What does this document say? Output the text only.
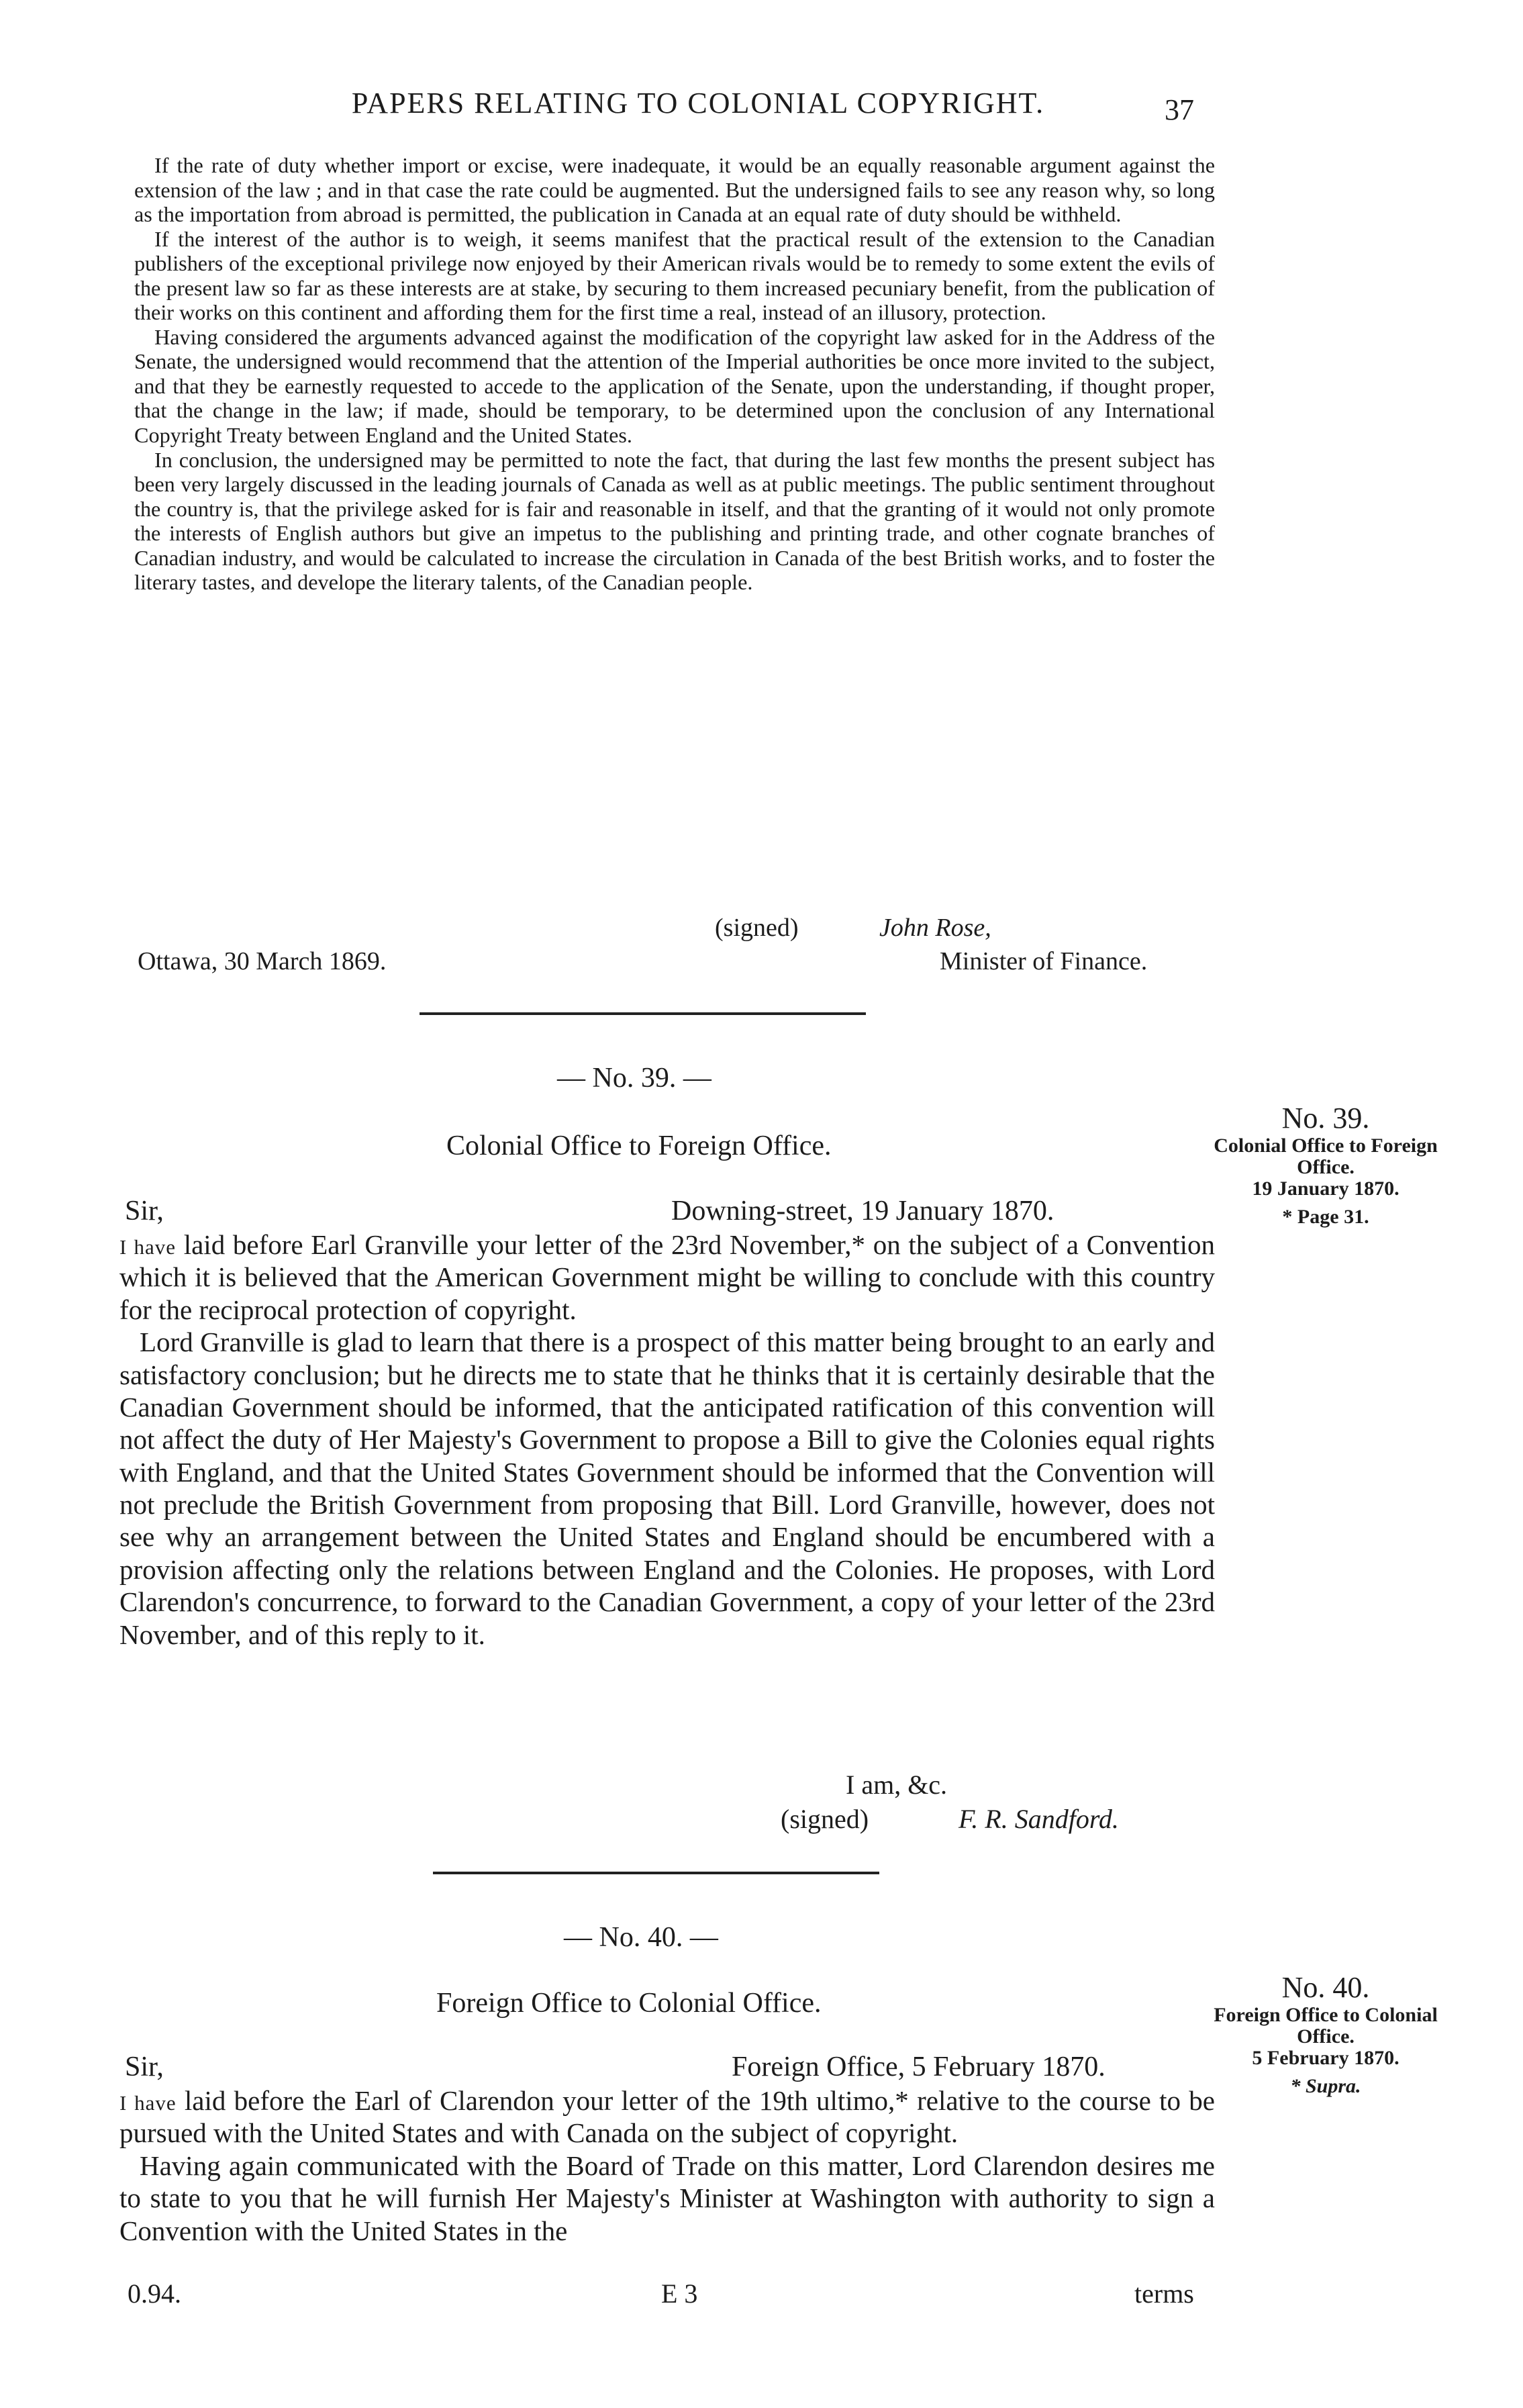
PAPERS RELATING TO COLONIAL COPYRIGHT.	37

If the rate of duty whether import or excise, were inadequate, it would be an equally reasonable argument against the extension of the law ; and in that case the rate could be augmented. But the undersigned fails to see any reason why, so long as the importation from abroad is permitted, the publication in Canada at an equal rate of duty should be withheld.

If the interest of the author is to weigh, it seems manifest that the practical result of the extension to the Canadian publishers of the exceptional privilege now enjoyed by their American rivals would be to remedy to some extent the evils of the present law so far as these interests are at stake, by securing to them increased pecuniary benefit, from the publication of their works on this continent and affording them for the first time a real, instead of an illusory, protection.

Having considered the arguments advanced against the modification of the copyright law asked for in the Address of the Senate, the undersigned would recommend that the attention of the Imperial authorities be once more invited to the subject, and that they be earnestly requested to accede to the application of the Senate, upon the understanding, if thought proper, that the change in the law; if made, should be temporary, to be determined upon the conclusion of any International Copyright Treaty between England and the United States.

In conclusion, the undersigned may be permitted to note the fact, that during the last few months the present subject has been very largely discussed in the leading journals of Canada as well as at public meetings. The public sentiment throughout the country is, that the privilege asked for is fair and reasonable in itself, and that the granting of it would not only promote the interests of English authors but give an impetus to the publishing and printing trade, and other cognate branches of Canadian industry, and would be calculated to increase the circulation in Canada of the best British works, and to foster the literary tastes, and develope the literary talents, of the Canadian people.

(signed)	John Rose,
Minister of Finance.
Ottawa, 30 March 1869.
— No. 39. —
Colonial Office to Foreign Office.
Sir,	Downing-street, 19 January 1870.

I have laid before Earl Granville your letter of the 23rd November,* on the subject of a Convention which it is believed that the American Government might be willing to conclude with this country for the reciprocal protection of copyright.

Lord Granville is glad to learn that there is a prospect of this matter being brought to an early and satisfactory conclusion; but he directs me to state that he thinks that it is certainly desirable that the Canadian Government should be informed, that the anticipated ratification of this convention will not affect the duty of Her Majesty's Government to propose a Bill to give the Colonies equal rights with England, and that the United States Government should be informed that the Convention will not preclude the British Government from proposing that Bill. Lord Granville, however, does not see why an arrangement between the United States and England should be encumbered with a provision affecting only the relations between England and the Colonies. He proposes, with Lord Clarendon's concurrence, to forward to the Canadian Government, a copy of your letter of the 23rd November, and of this reply to it.

I am, &c.
(signed)	F. R. Sandford.
No. 39.
Colonial Office to Foreign Office.
19 January 1870.
* Page 31.
— No. 40. —
Foreign Office to Colonial Office.
Sir,	Foreign Office, 5 February 1870.

I have laid before the Earl of Clarendon your letter of the 19th ultimo,* relative to the course to be pursued with the United States and with Canada on the subject of copyright.

Having again communicated with the Board of Trade on this matter, Lord Clarendon desires me to state to you that he will furnish Her Majesty's Minister at Washington with authority to sign a Convention with the United States in the

No. 40.
Foreign Office to Colonial Office.
5 February 1870.
* Supra.
0.94.	E 3	terms
